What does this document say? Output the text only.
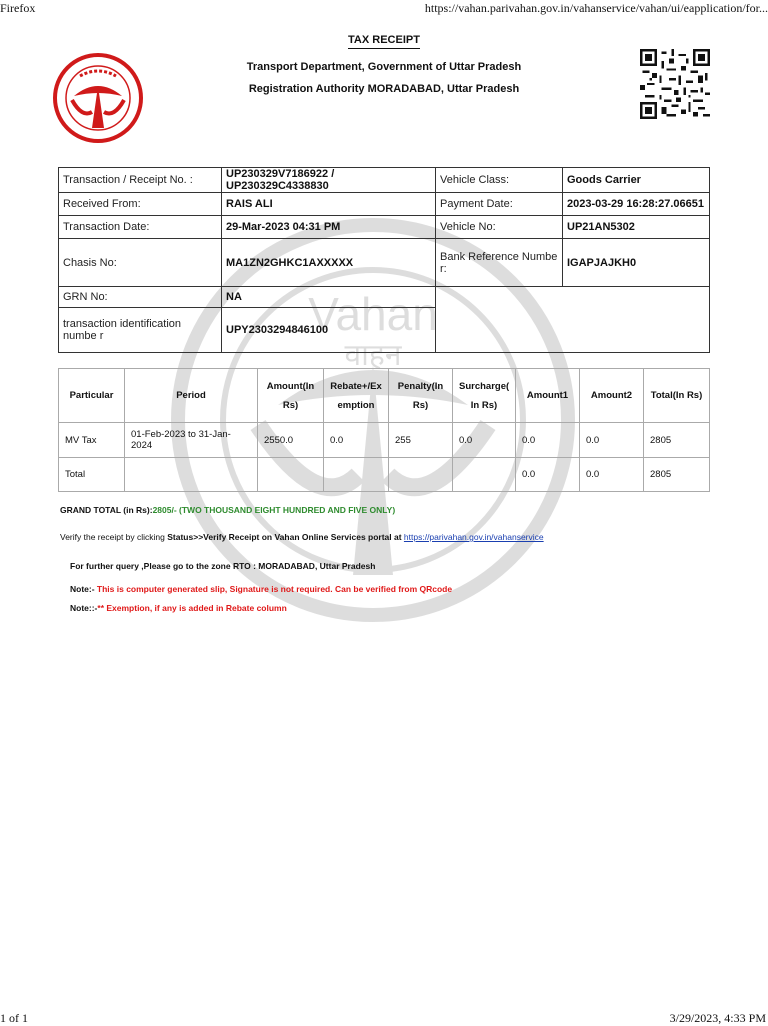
Firefox	https://vahan.parivahan.gov.in/vahanservice/vahan/ui/eapplication/for...
1 of 1	3/29/2023, 4:33 PM
Vahan
वाहन
TAX RECEIPT
Transport Department, Government of Uttar Pradesh
Registration Authority MORADABAD, Uttar Pradesh
Transaction / Receipt No. :	UP230329V7186922 / UP230329C4338830	Vehicle Class:	Goods Carrier
Received From:	RAIS ALI	Payment Date:	2023-03-29 16:28:27.06651
Transaction Date:	29-Mar-2023 04:31 PM	Vehicle No:	UP21AN5302
Chasis No:	MA1ZN2GHKC1AXXXXX	Bank Reference Numbe r:	IGAPJAJKH0
GRN No:	NA		
transaction identification numbe r	UPY2303294846100		
Particular	Period	Amount(In Rs)	Rebate+/Ex emption	Penalty(In Rs)	Surcharge( In Rs)	Amount1	Amount2	Total(In Rs)
MV Tax	01-Feb-2023 to 31-Jan-2024	2550.0	0.0	255	0.0	0.0	0.0	2805
Total						0.0	0.0	2805
GRAND TOTAL (in Rs):2805/- (TWO THOUSAND EIGHT HUNDRED AND FIVE ONLY)
Verify the receipt by clicking Status>>Verify Receipt on Vahan Online Services portal at https://parivahan.gov.in/vahanservice
For further query ,Please go to the zone RTO : MORADABAD, Uttar Pradesh
Note:- This is computer generated slip, Signature is not required. Can be verified from QRcode
Note::-** Exemption, if any is added in Rebate column
